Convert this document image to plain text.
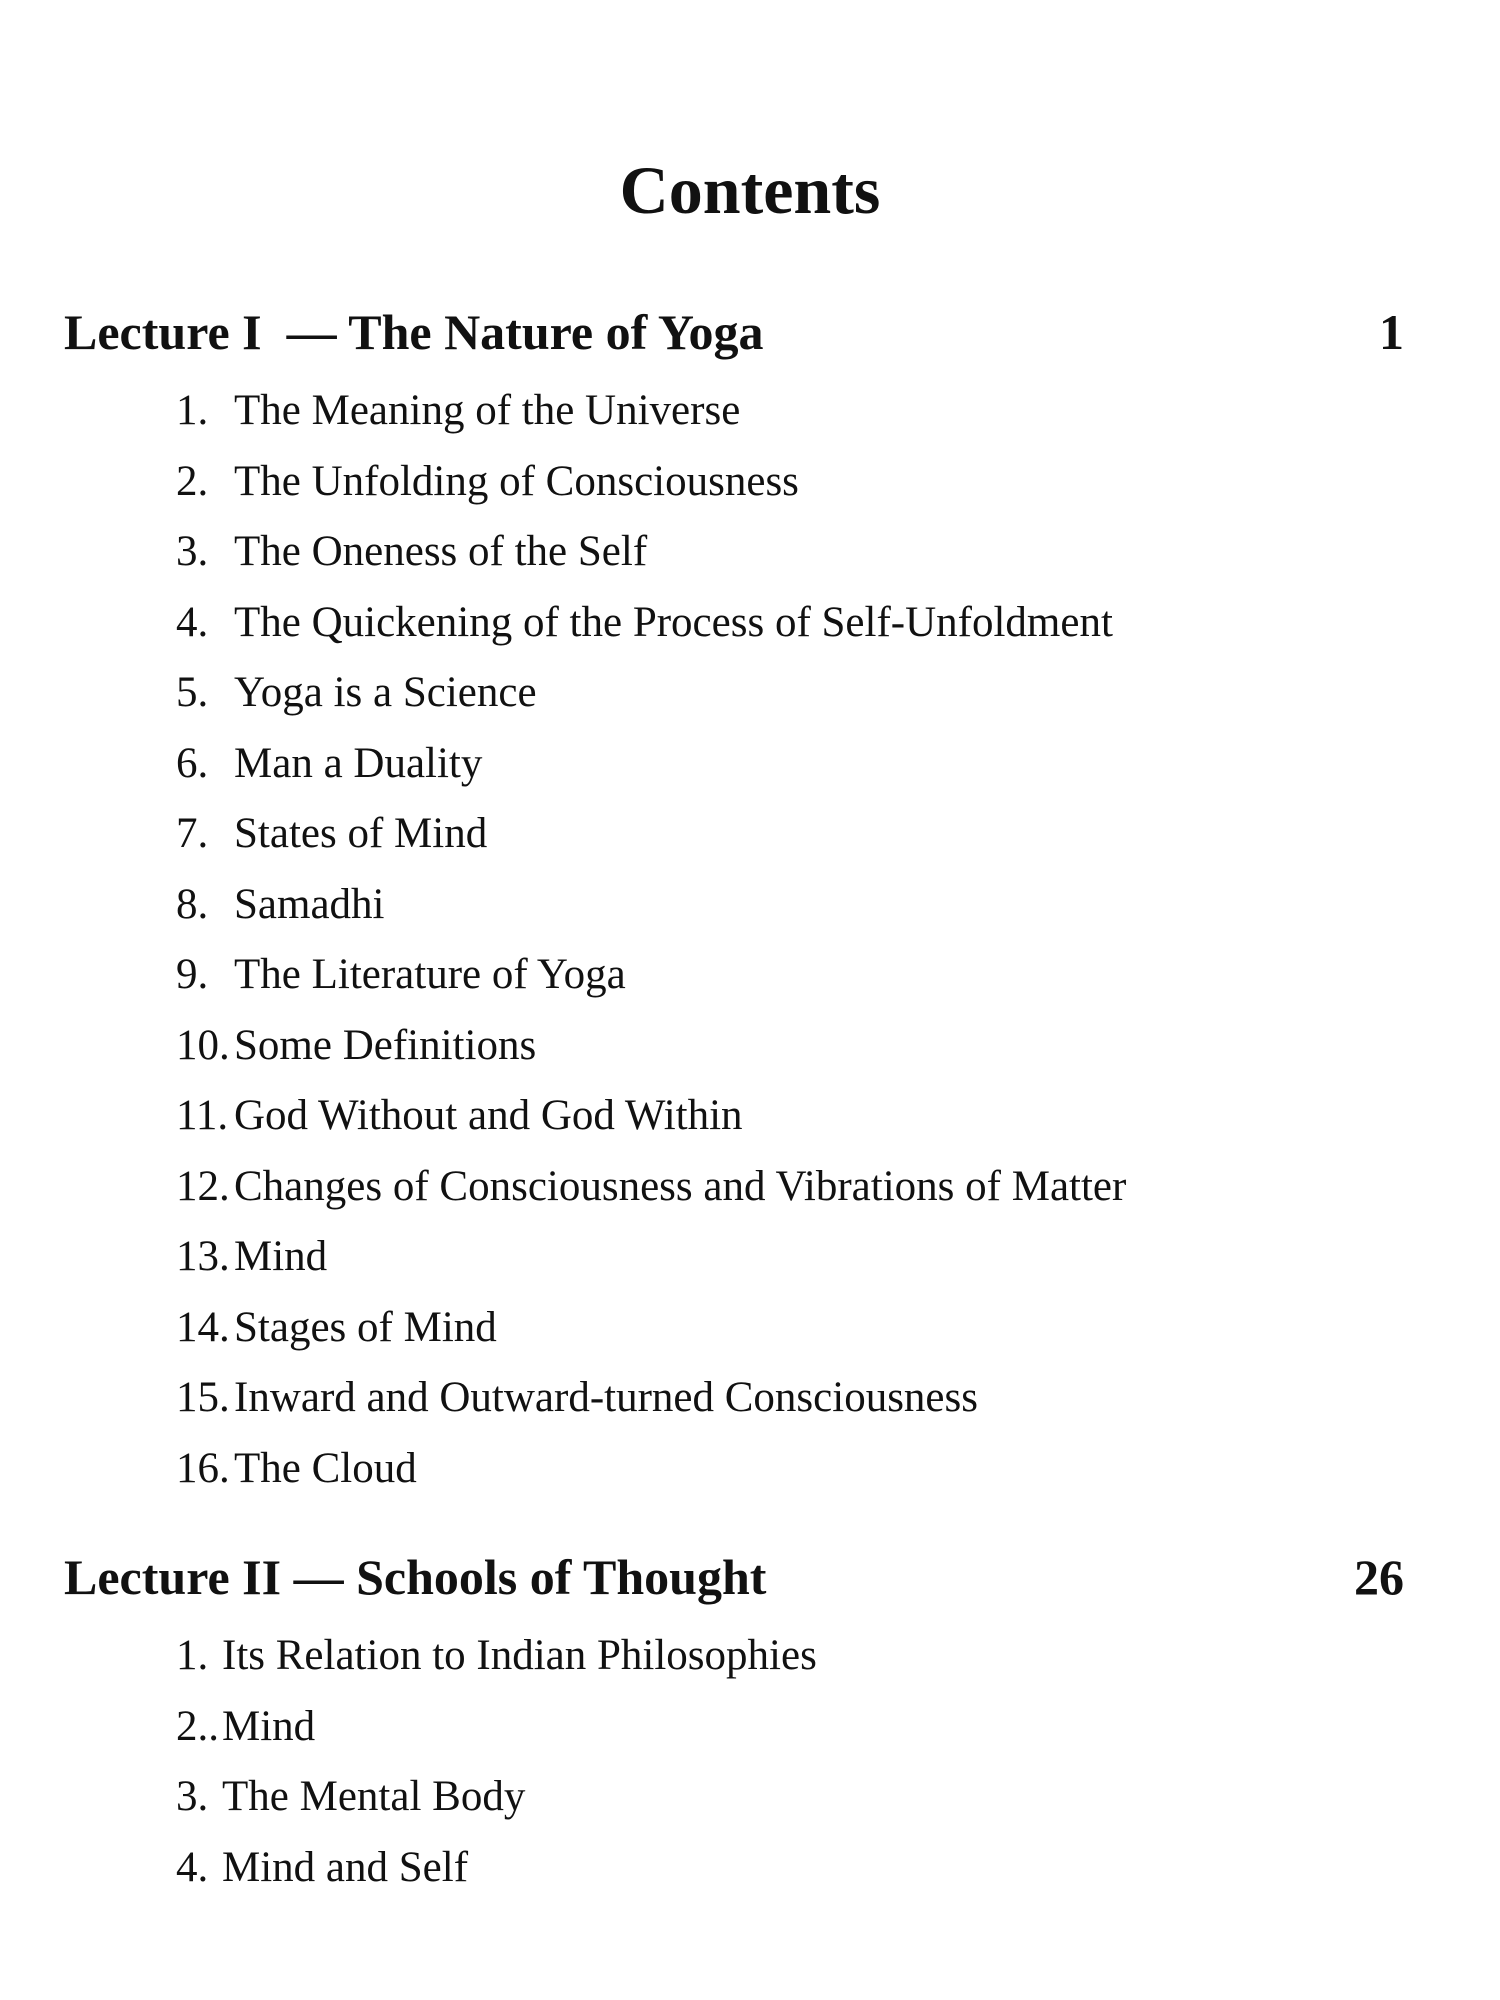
Contents
Lecture I  — The Nature of Yoga	1
1.The Meaning of the Universe
2.The Unfolding of Consciousness
3.The Oneness of the Self
4.The Quickening of the Process of Self-Unfoldment
5.Yoga is a Science
6.Man a Duality
7.States of Mind
8.Samadhi
9.The Literature of Yoga
10.Some Definitions
11.God Without and God Within
12.Changes of Consciousness and Vibrations of Matter
13.Mind
14.Stages of Mind
15.Inward and Outward-turned Consciousness
16.The Cloud
Lecture II — Schools of Thought	26
1.Its Relation to Indian Philosophies
2..Mind
3.The Mental Body
4.Mind and Self
